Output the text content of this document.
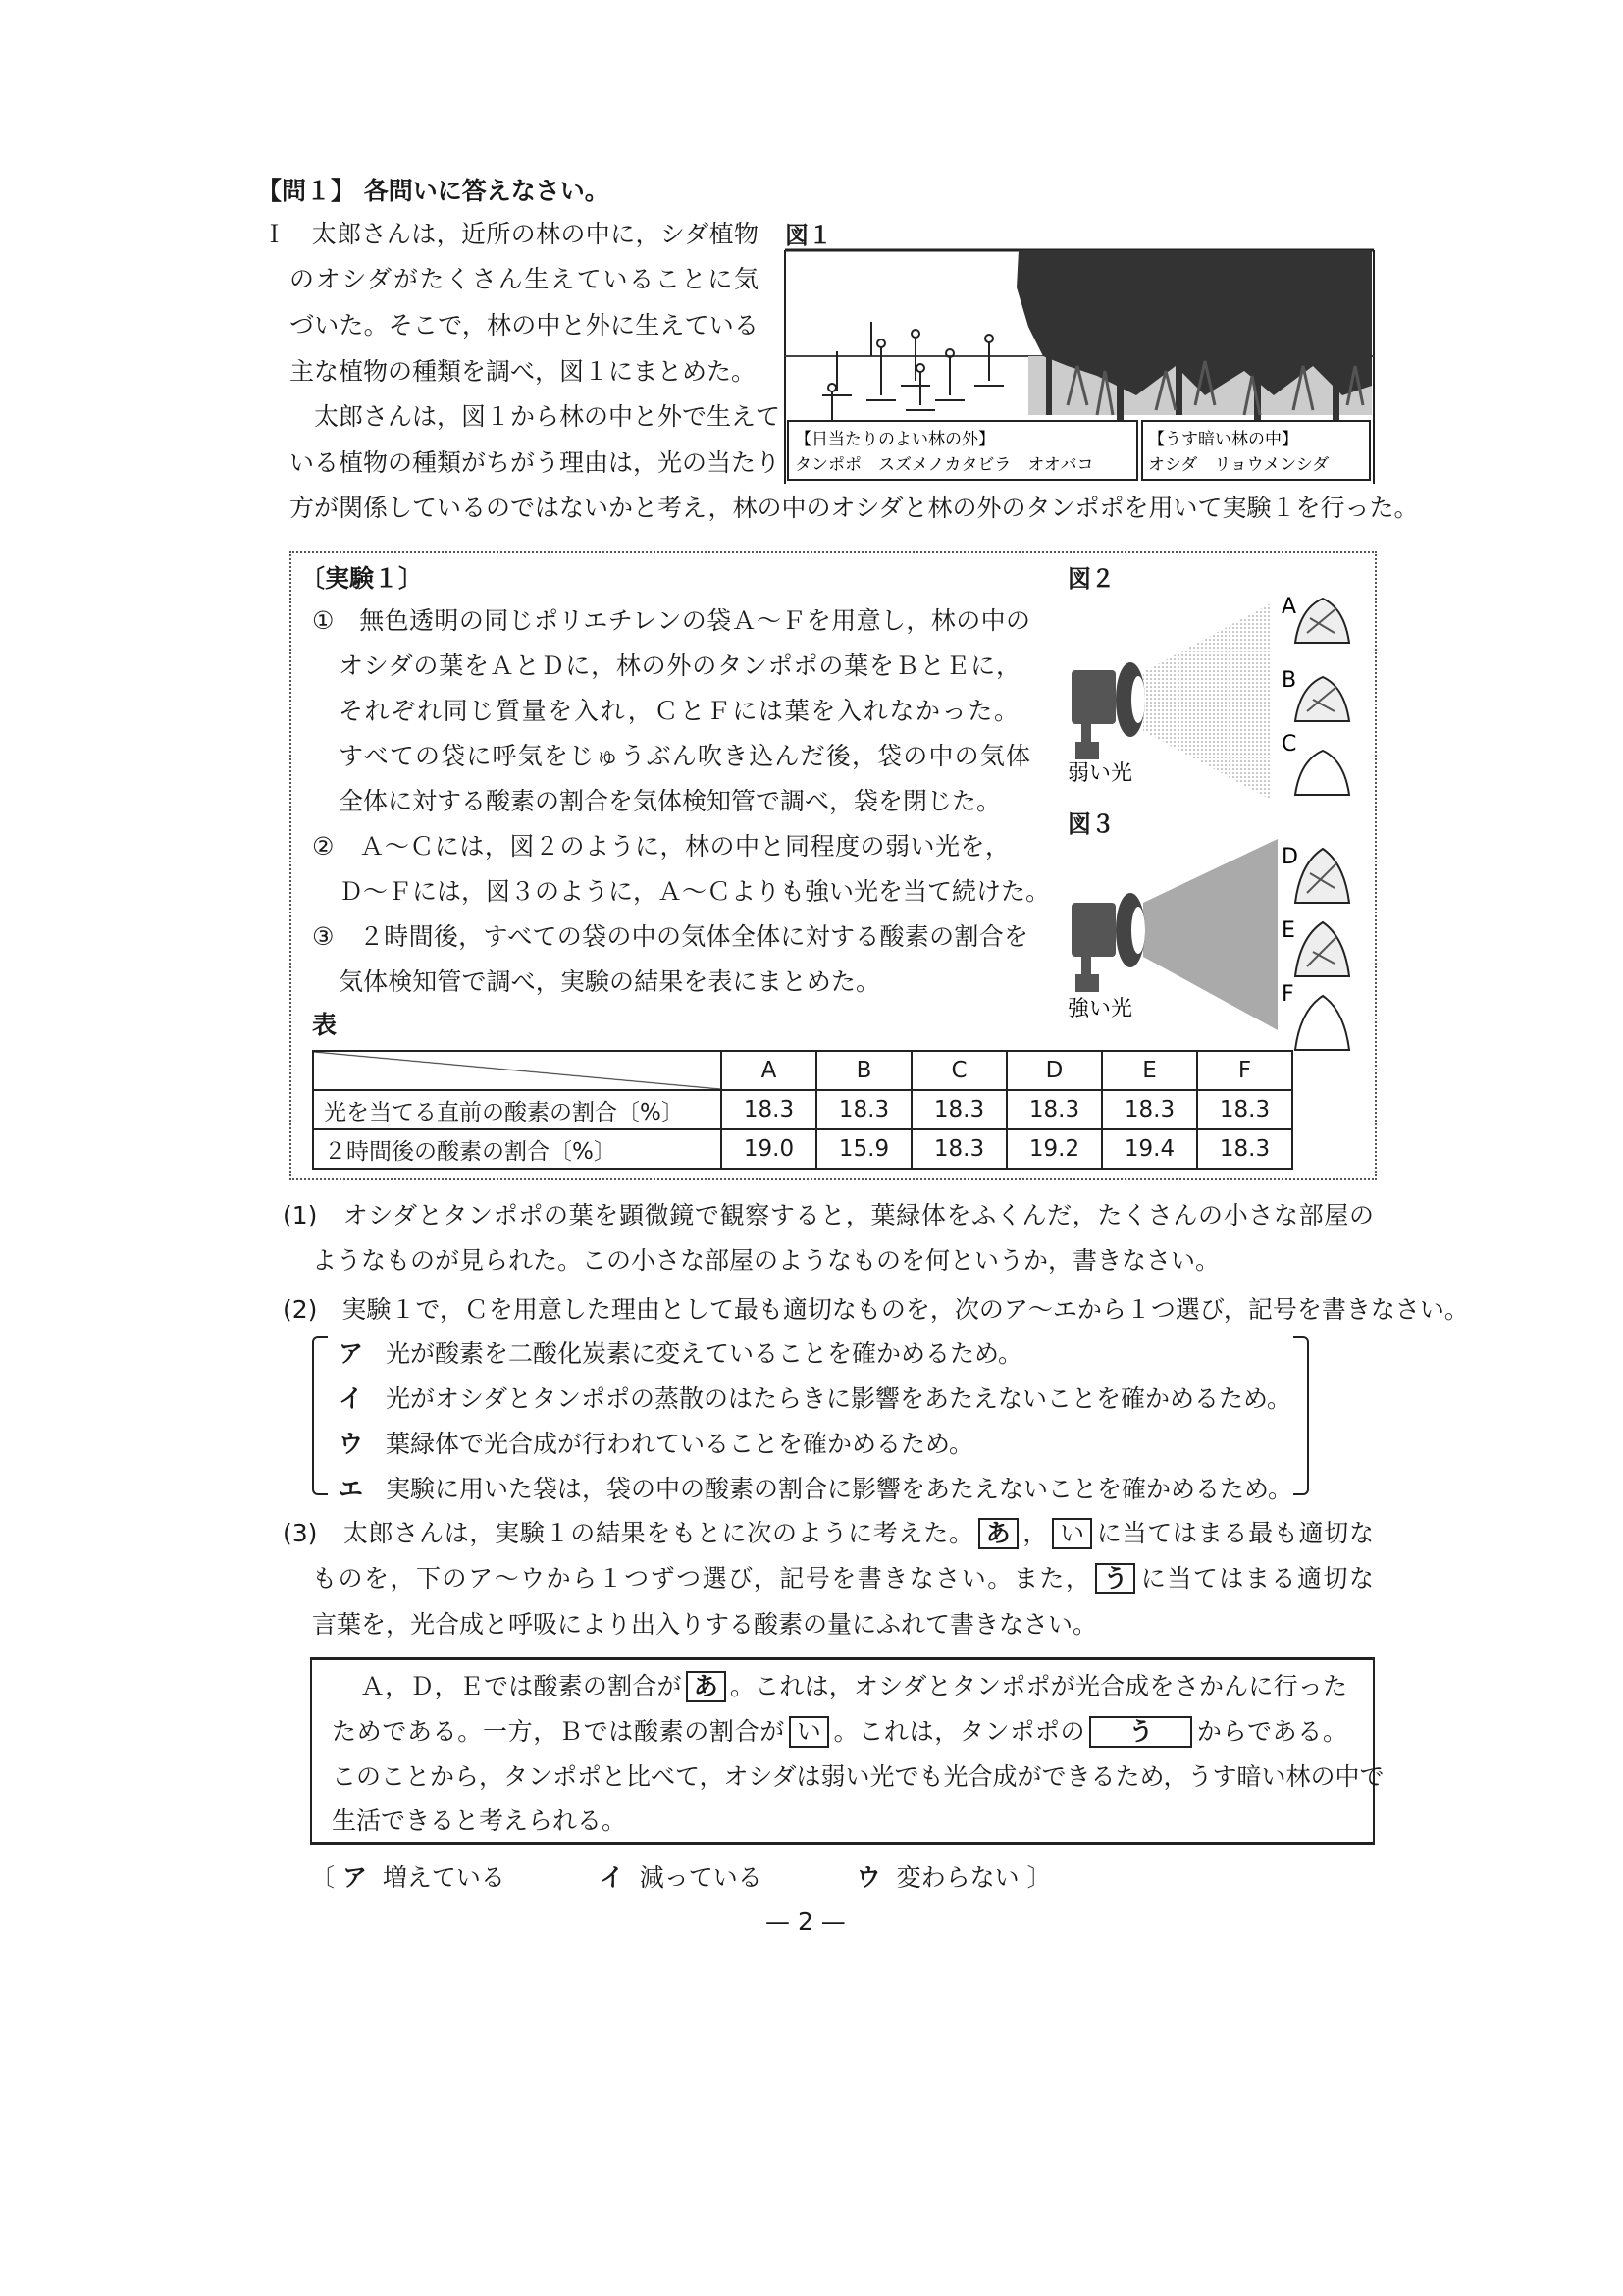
【問１】 各問いに答えなさい。
Ｉ　太郎さんは，近所の林の中に，シダ植物
のオシダがたくさん生えていることに気
づいた。そこで，林の中と外に生えている
主な植物の種類を調べ，図１にまとめた。
　太郎さんは，図１から林の中と外で生えて
いる植物の種類がちがう理由は，光の当たり
方が関係しているのではないかと考え，林の中のオシダと林の外のタンポポを用いて実験１を行った。
図１
【日当たりのよい林の外】
タンポポ　スズメノカタビラ　オオバコ
【うす暗い林の中】
オシダ　リョウメンシダ
〔実験１〕
①　無色透明の同じポリエチレンの袋Ａ～Ｆを用意し，林の中の
オシダの葉をＡとＤに，林の外のタンポポの葉をＢとＥに，
それぞれ同じ質量を入れ，ＣとＦには葉を入れなかった。
すべての袋に呼気をじゅうぶん吹き込んだ後，袋の中の気体
全体に対する酸素の割合を気体検知管で調べ，袋を閉じた。
②　Ａ～Ｃには，図２のように，林の中と同程度の弱い光を，
Ｄ～Ｆには，図３のように，Ａ～Ｃよりも強い光を当て続けた。
③　２時間後，すべての袋の中の気体全体に対する酸素の割合を
気体検知管で調べ，実験の結果を表にまとめた。
図２
A
B
C
弱い光
図３
D
E
F
強い光
表
	A	B	C	D	E	F
光を当てる直前の酸素の割合〔%〕	18.3	18.3	18.3	18.3	18.3	18.3
２時間後の酸素の割合〔%〕	19.0	15.9	18.3	19.2	19.4	18.3
(1)　オシダとタンポポの葉を顕微鏡で観察すると，葉緑体をふくんだ，たくさんの小さな部屋の
ようなものが見られた。この小さな部屋のようなものを何というか，書きなさい。
(2)　実験１で，Ｃを用意した理由として最も適切なものを，次のア～エから１つ選び，記号を書きなさい。
ア 光が酸素を二酸化炭素に変えていることを確かめるため。
イ 光がオシダとタンポポの蒸散のはたらきに影響をあたえないことを確かめるため。
ウ 葉緑体で光合成が行われていることを確かめるため。
エ 実験に用いた袋は，袋の中の酸素の割合に影響をあたえないことを確かめるため。
(3)　太郎さんは，実験１の結果をもとに次のように考えた。 あ ， い に当てはまる最も適切な
ものを，下のア～ウから１つずつ選び，記号を書きなさい。また， う に当てはまる適切な
言葉を，光合成と呼吸により出入りする酸素の量にふれて書きなさい。
Ａ，Ｄ，Ｅでは酸素の割合が あ 。これは，オシダとタンポポが光合成をさかんに行った
ためである。一方，Ｂでは酸素の割合が い 。これは，タンポポの う からである。
このことから，タンポポと比べて，オシダは弱い光でも光合成ができるため，うす暗い林の中で
生活できると考えられる。
〔 ア 増えている	イ 減っている	ウ 変わらない 〕
— 2 —
